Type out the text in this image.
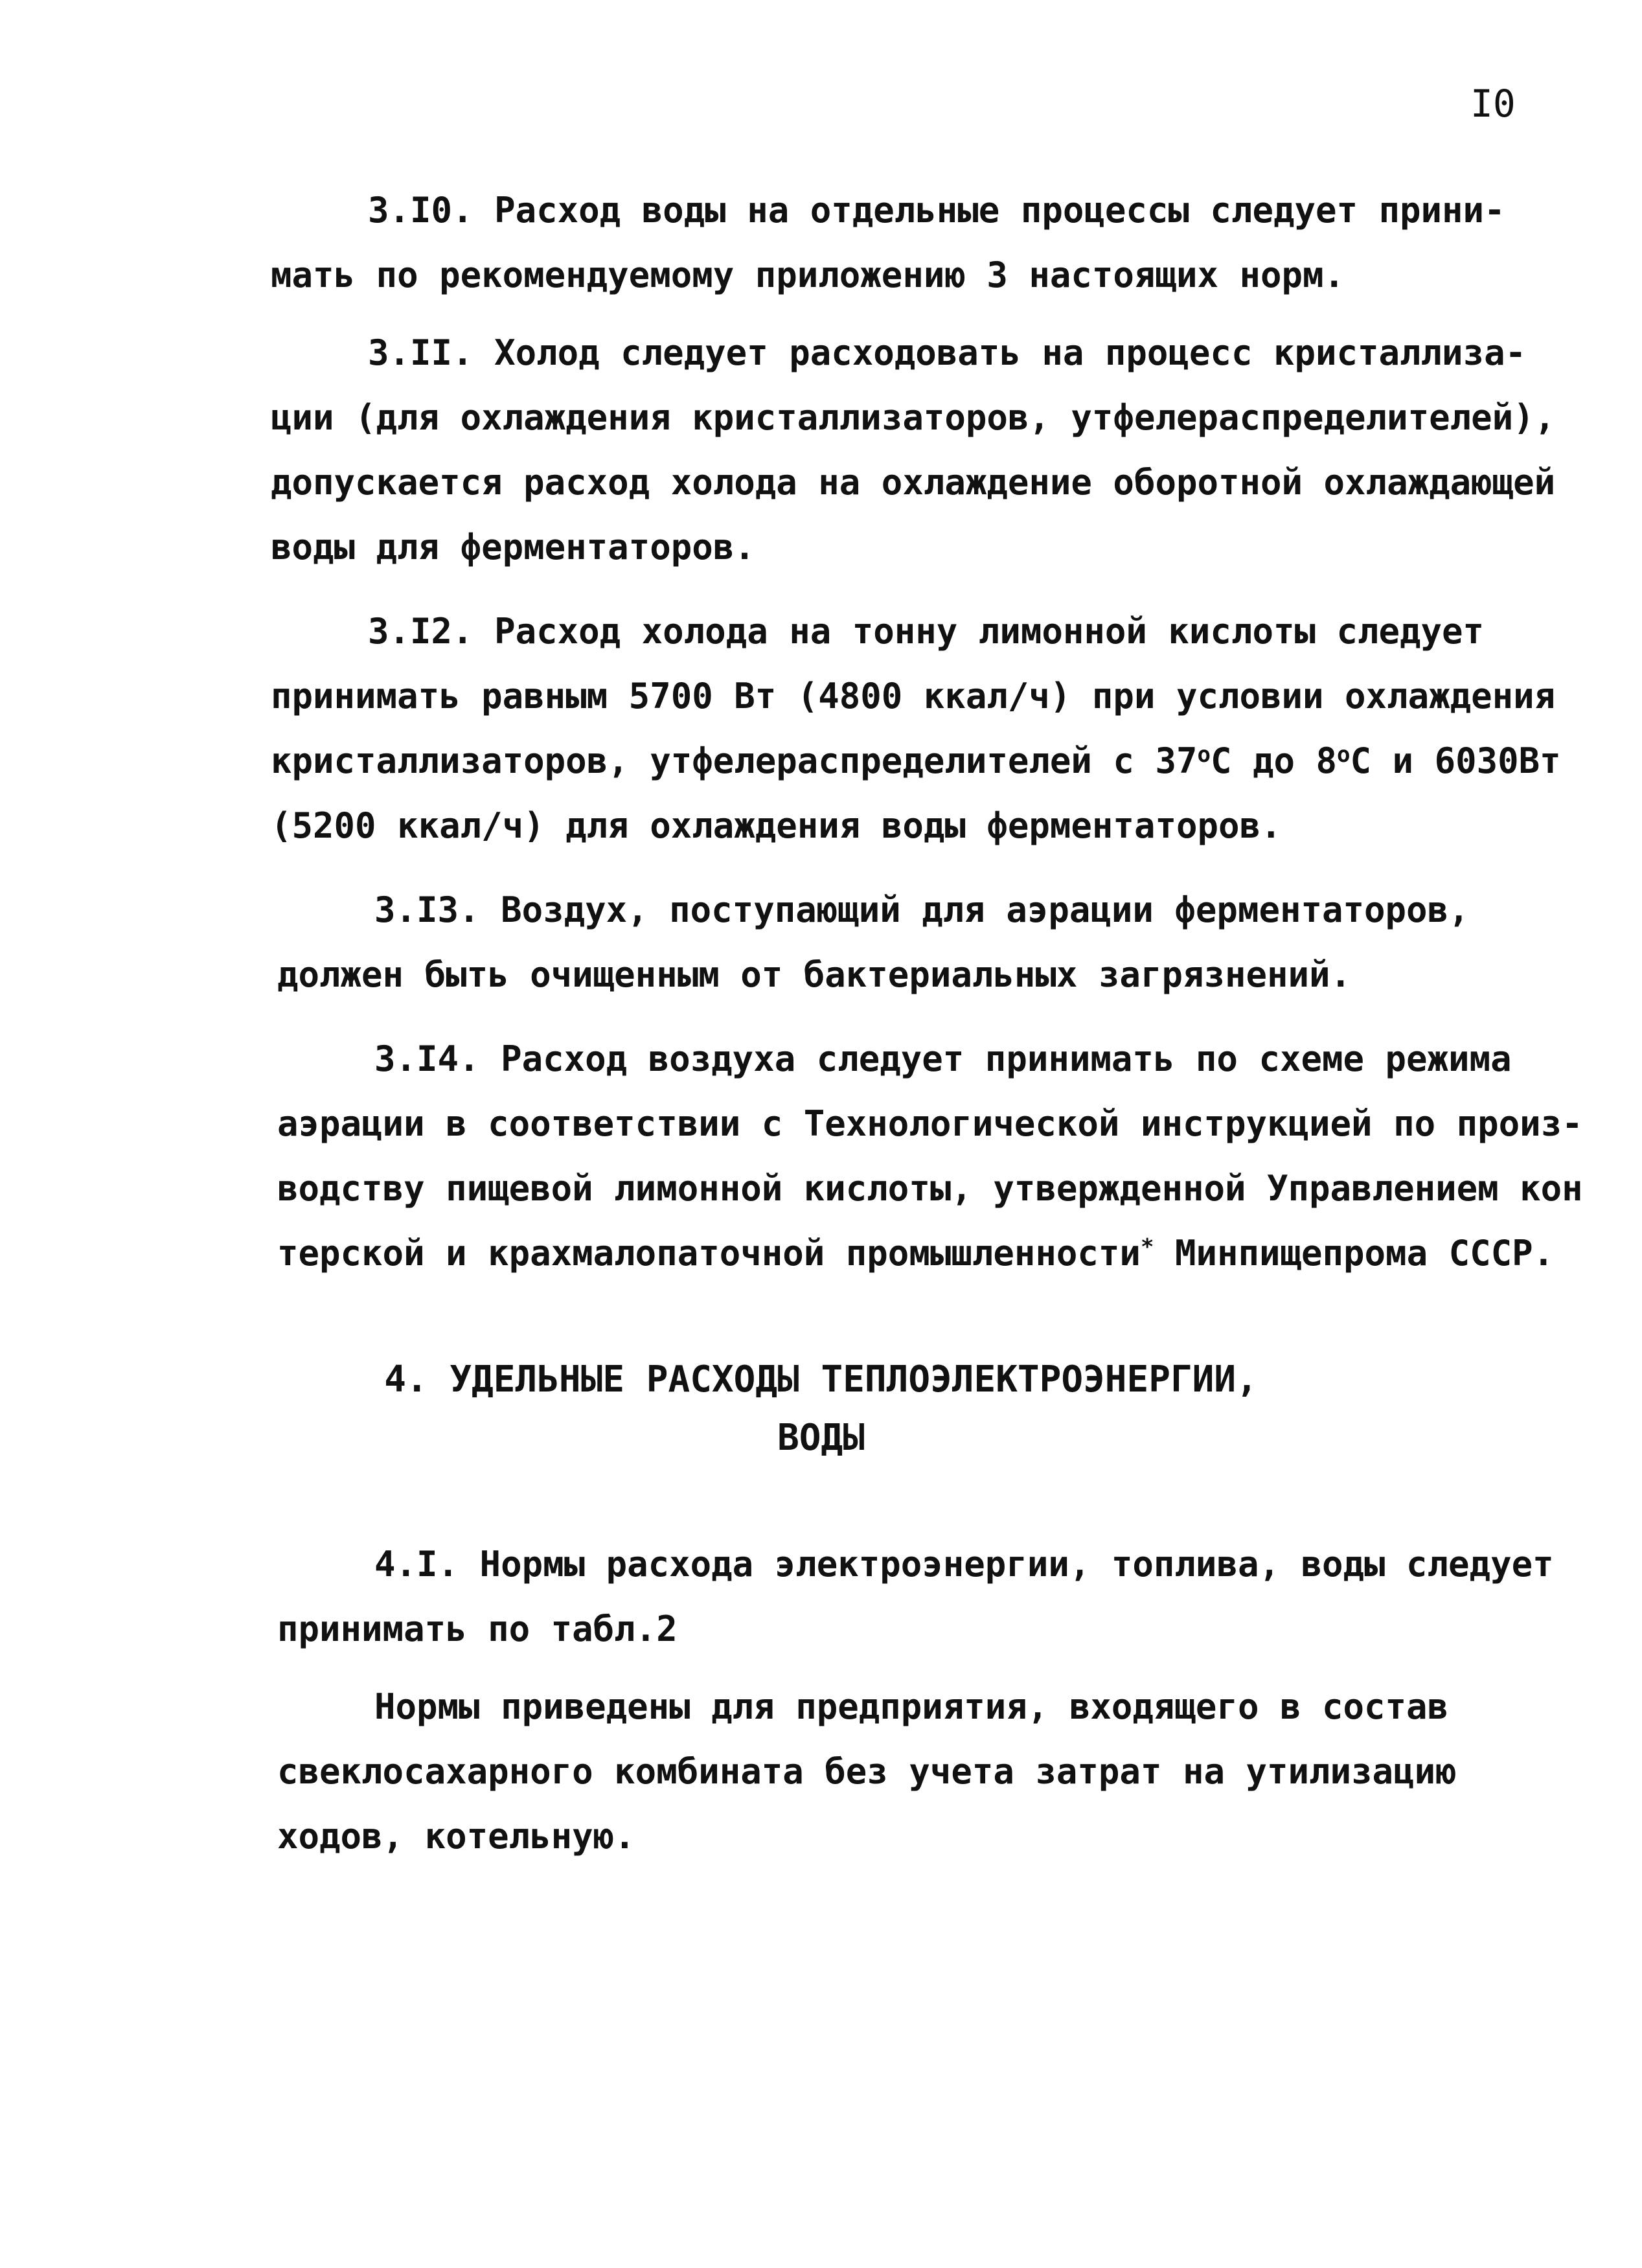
I0
3.I0. Расход воды на отдельные процессы следует прини-
мать по рекомендуемому приложению 3 настоящих норм.
3.II. Холод следует расходовать на процесс кристаллиза-
ции (для охлаждения кристаллизаторов, утфелераспределителей),
допускается расход холода на охлаждение оборотной охлаждающей
воды для ферментаторов.
3.I2. Расход холода на тонну лимонной кислоты следует
принимать равным 5700 Вт (4800 ккал/ч) при условии охлаждения
кристаллизаторов, утфелераспределителей с $37^оС$ до $8^оС$ и 6030Вт
(5200 ккал/ч) для охлаждения воды ферментаторов.
3.I3. Воздух, поступающий для аэрации ферментаторов,
должен быть очищенным от бактериальных загрязнений.
3.I4. Расход воздуха следует принимать по схеме режима
аэрации в соответствии с Технологической инструкцией по произ-
водству пищевой лимонной кислоты, утвержденной Управлением кон
терской и крахмалопаточной промышленности* Минпищепрома СССР.
4. УДЕЛЬНЫЕ РАСХОДЫ ТЕПЛОЭЛЕКТРОЭНЕРГИИ,
ВОДЫ
4.I. Нормы расхода электроэнергии, топлива, воды следует
принимать по табл.2
Нормы приведены для предприятия, входящего в состав
свеклосахарного комбината без учета затрат на утилизацию
ходов, котельную.
